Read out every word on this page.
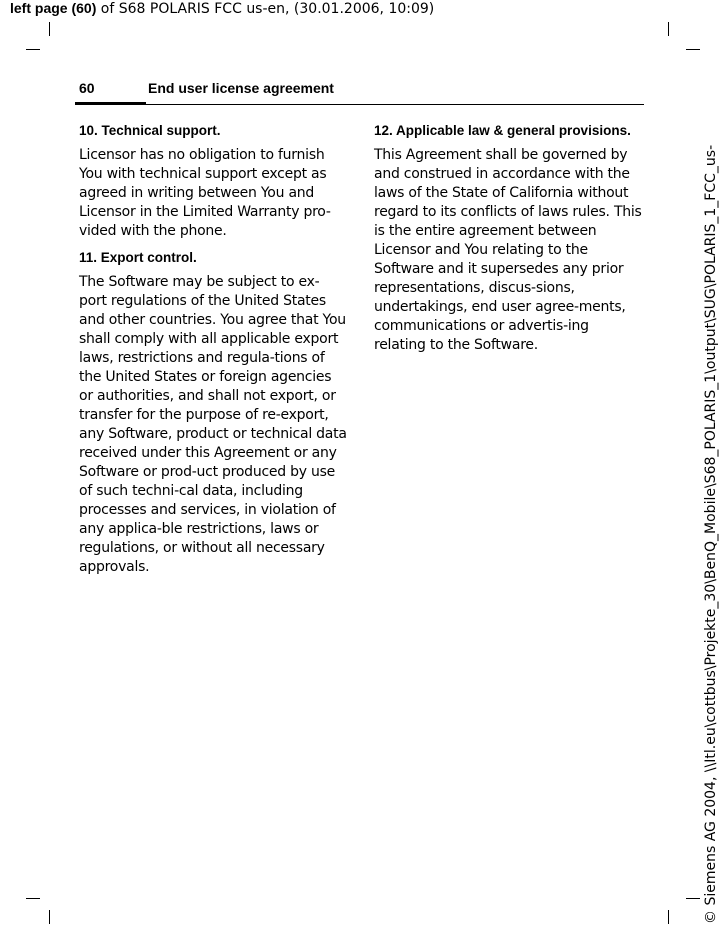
left page (60) of S68 POLARIS FCC us-en, (30.01.2006, 10:09)
© Siemens AG 2004, \\Itl.eu\cottbus\Projekte_30\BenQ_Mobile\S68_POLARIS_1\output\SUG\POLARIS_1_FCC_us-
60	End user license agreement
10. Technical support.

Licensor has no obligation to furnish You with technical support except as agreed in writing between You and Licensor in the Limited Warranty pro-vided with the phone.

11. Export control.

The Software may be subject to ex-port regulations of the United States and other countries. You agree that You shall comply with all applicable export laws, restrictions and regula-tions of the United States or foreign agencies or authorities, and shall not export, or transfer for the purpose of re-export, any Software, product or technical data received under this Agreement or any Software or prod-uct produced by use of such techni-cal data, including processes and services, in violation of any applica-ble restrictions, laws or regulations, or without all necessary approvals.

12. Applicable law & general provisions.

This Agreement shall be governed by and construed in accordance with the laws of the State of California without regard to its conflicts of laws rules. This is the entire agreement between Licensor and You relating to the Software and it supersedes any prior representations, discus-sions, undertakings, end user agree-ments, communications or advertis-ing relating to the Software.
